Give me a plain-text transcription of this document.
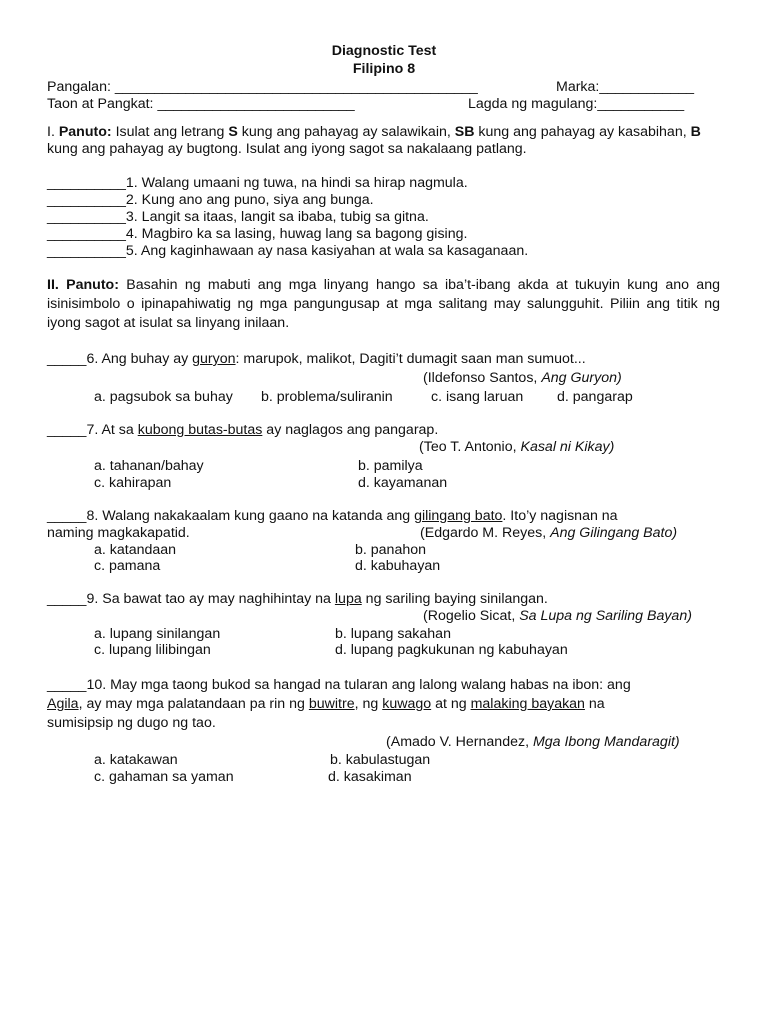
Diagnostic Test
Filipino 8
Pangalan: ______________________________________________	Marka:____________
Taon at Pangkat: _________________________	Lagda ng magulang:___________
I. Panuto: Isulat ang letrang S kung ang pahayag ay salawikain, SB kung ang pahayag ay kasabihan, B kung ang pahayag ay bugtong. Isulat ang iyong sagot sa nakalaang patlang.
__________1. Walang umaani ng tuwa, na hindi sa hirap nagmula.
__________2. Kung ano ang puno, siya ang bunga.
__________3. Langit sa itaas, langit sa ibaba, tubig sa gitna.
__________4. Magbiro ka sa lasing, huwag lang sa bagong gising.
__________5. Ang kaginhawaan ay nasa kasiyahan at wala sa kasaganaan.
II. Panuto: Basahin ng mabuti ang mga linyang hango sa iba’t-ibang akda at tukuyin kung ano ang isinisimbolo o ipinapahiwatig ng mga pangungusap at mga salitang may salungguhit. Piliin ang titik ng iyong sagot at isulat sa linyang inilaan.
_____6. Ang buhay ay guryon: marupok, malikot, Dagiti’t dumagit saan man sumuot...
(Ildefonso Santos, Ang Guryon)
a. pagsubok sa buhay b. problema/suliranin	c. isang laruan d. pangarap
_____7. At sa kubong butas-butas ay naglagos ang pangarap.
(Teo T. Antonio, Kasal ni Kikay)
a. tahanan/bahay	b. pamilya
c. kahirapan	d. kayamanan
_____8. Walang nakakaalam kung gaano na katanda ang gilingang bato. Ito’y nagisnan na
naming magkakapatid.	(Edgardo M. Reyes, Ang Gilingang Bato)
a. katandaan	b. panahon
c. pamana	d. kabuhayan
_____9. Sa bawat tao ay may naghihintay na lupa ng sariling baying sinilangan.
(Rogelio Sicat, Sa Lupa ng Sariling Bayan)
a. lupang sinilangan	b. lupang sakahan
c. lupang lilibingan	d. lupang pagkukunan ng kabuhayan
_____10. May mga taong bukod sa hangad na tularan ang lalong walang habas na ibon: ang
Agila, ay may mga palatandaan pa rin ng buwitre, ng kuwago at ng malaking bayakan na
sumisipsip ng dugo ng tao.
(Amado V. Hernandez, Mga Ibong Mandaragit)
a. katakawan	b. kabulastugan
c. gahaman sa yaman	d. kasakiman
